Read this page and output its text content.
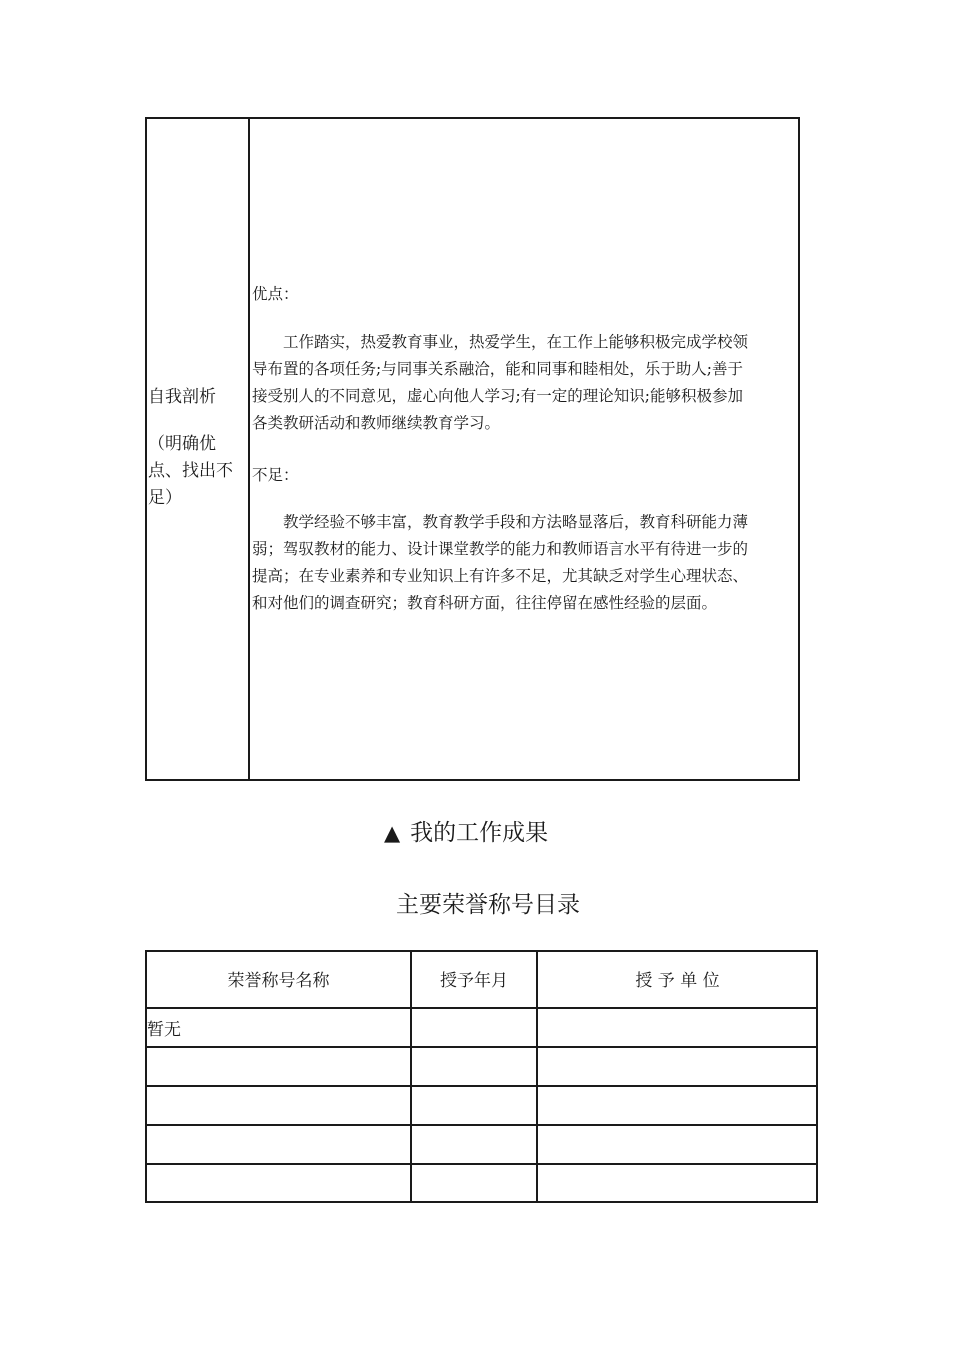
自我剖析
（明确优
点、找出不
足）
优点：
　　工作踏实，热爱教育事业，热爱学生，在工作上能够积极完成学校领
导布置的各项任务;与同事关系融洽，能和同事和睦相处，乐于助人;善于
接受别人的不同意见，虚心向他人学习;有一定的理论知识;能够积极参加
各类教研活动和教师继续教育学习。
不足：
　　教学经验不够丰富，教育教学手段和方法略显落后，教育科研能力薄
弱；驾驭教材的能力、设计课堂教学的能力和教师语言水平有待进一步的
提高；在专业素养和专业知识上有许多不足，尤其缺乏对学生心理状态、
和对他们的调查研究；教育科研方面，往往停留在感性经验的层面。
▲ 我的工作成果
主要荣誉称号目录
荣誉称号名称	授予年月	授 予 单 位
暂无
